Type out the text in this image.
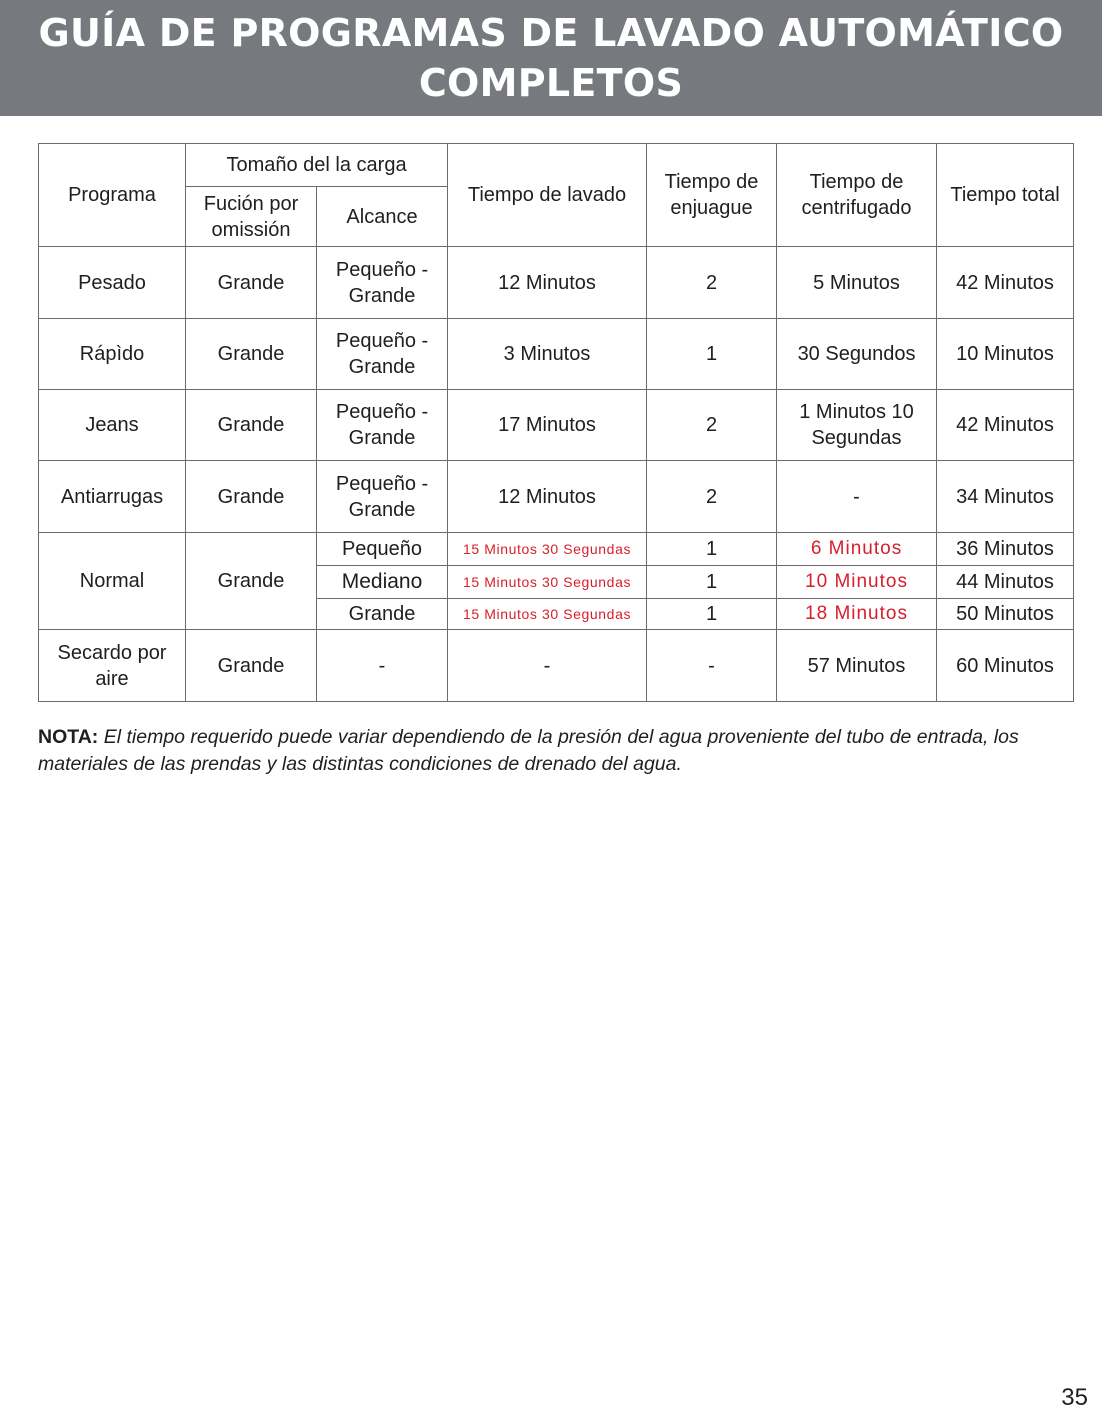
GUÍA DE PROGRAMAS DE LAVADO AUTOMÁTICO
COMPLETOS
Programa	Tomaño del la carga		Tiempo de lavado	Tiempo de enjuague	Tiempo de centrifugado	Tiempo total
	Fución por omissión	Alcance				
Pesado	Grande	Pequeño - Grande	12 Minutos	2	5 Minutos	42 Minutos
Rápìdo	Grande	Pequeño - Grande	3 Minutos	1	30 Segundos	10 Minutos
Jeans	Grande	Pequeño - Grande	17 Minutos	2	1 Minutos 10 Segundas	42 Minutos
Antiarrugas	Grande	Pequeño - Grande	12 Minutos	2	-	34 Minutos
Normal	Grande	Pequeño	15 Minutos 30 Segundas	1	6 Minutos	36 Minutos
		Mediano	15 Minutos 30 Segundas	1	10 Minutos	44 Minutos
		Grande	15 Minutos 30 Segundas	1	18 Minutos	50 Minutos
Secardo por aire	Grande	-	-	-	57 Minutos	60 Minutos
NOTA: El tiempo requerido puede variar dependiendo de la presión del agua proveniente del tubo de entrada, los materiales de las prendas y las distintas condiciones de drenado del agua.
35
